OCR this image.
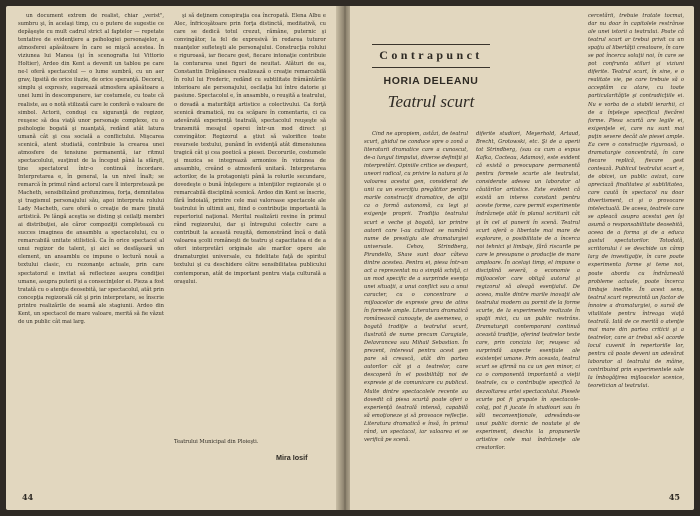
un document extrem de realist, chiar „verist", sumbru şi, în acelaşi timp, cu o putere de sugestie ce depăşeşte cu mult cadrul strict al faptelor — repetate tentative de evidenţiere a psihologiei personajelor, a atmosferei apăsătoare în care se mişcă acestea. În viziunea lui Manea (şi în scenografia lui Vittorio Holtier), Ardeo din Kent a devenit un tablou pe care ne-l oferă spectacolul — o lume sumbră, cu un aer grav, lipsită de orice iluzie, de orice speranţă. Decorul, simplu şi expresiv, sugerează atmosfera apăsătoare a unei lumi în descompunere, iar costumele, cu toate că realiste, au o notă stilizată care le conferă o valoare de simbol. Actorii, conduşi cu siguranţă de regizor, reuşesc să dea viaţă unor personaje complexe, cu o psihologie bogată şi nuanţată, redând atât latura umană cât şi cea socială a conflictului. Mişcarea scenică, atent studiată, contribuie la crearea unei atmosfere de tensiune permanentă, iar ritmul spectacolului, susţinut de la început până la sfârşit, ţine spectatorul într-o continuă încordare. Interpretarea e, în general, la un nivel înalt; se remarcă în primul rând actorul care îl interpretează pe Macheth, sensibilizând profunzimea, forţa, demnitatea şi tragismul personajului său, apoi interpreta rolului Lady Macheth, care oferă o creaţie de mare ţinută artistică. Pe lângă aceştia se disting şi ceilalţi membri ai distribuţiei, ale căror compoziţii completează cu succes imaginea de ansamblu a spectacolului, cu o remarcabilă unitate stilistică. Ca în orice spectacol al unui regizor de talent, şi aici se desfăşoară un element, un ansamblu ce impune o lectură nouă a textului clasic, cu rezonanţe actuale, prin care spectatorul e invitat să reflecteze asupra condiţiei umane, asupra puterii şi a consecinţelor ei. Pieza a fost tratată cu o atenţie deosebită, iar spectacolul, atât prin concepţia regizorală cât şi prin interpretare, se înscrie printre realizările de seamă ale stagiunii. Ardeo din Kent, un spectacol de mare valoare, merită să fie văzut de un public cât mai larg.

şi să deţinem conspiraţia cea încropată. Elena Albu e Alec, înfricoşătoare prin forţa distinctă, meditativă, cu care se dedică totul crezut, rămâne, puternic şi convingător, la fel de expresivă în redarea tuturor nuanţelor sufleteşti ale personajului. Construcţia rolului e riguroasă, iar fiecare gest, fiecare intonaţie contribuie la conturarea unei figuri de neuitat. Alături de ea, Constantin Drăgănescu realizează o creaţie remarcabilă în rolul lui Frederic, redând cu subtilitate frământările interioare ale personajului, oscilaţia lui între datorie şi pasiune. Spectacolul e, în ansamblu, o reuşită a teatrului, o dovadă a maturităţii artistice a colectivului. Ca forţă scenică dramatică, nu ca scăpare în comentariu, ci ca adevărată experienţă teatrală, spectacolul reuşeşte să transmită mesajul operei într-un mod direct şi convingător. Regizorul a ştiut să valorifice toate resursele textului, punând în evidenţă atât dimensiunea tragică cât şi cea poetică a piesei. Decorurile, costumele şi muzica se integrează armonios în viziunea de ansamblu, creând o atmosferă unitară. Interpretarea actorilor, de la protagonişti până la rolurile secundare, dovedeşte o bună înţelegere a intenţiilor regizorale şi o remarcabilă disciplină scenică. Ardeo din Kent se înscrie, fără îndoială, printre cele mai valoroase spectacole ale teatrului în ultimii ani, fiind o contribuţie importantă la repertoriul naţional. Meritul realizării revine în primul rând regizorului, dar şi întregului colectiv care a contribuit la această reuşită, demonstrând încă o dată valoarea şcolii româneşti de teatru şi capacitatea ei de a oferi interpretări originale ale marilor opere ale dramaturgiei universale, cu fidelitate faţă de spiritul textului şi cu deschidere către sensibilitatea publicului contemporan, atât de important pentru viaţa culturală a oraşului.

Teatrului Municipal din Ploieşti.

Mira Iosif
44
Contrapunct
HORIA DELEANU
Teatrul scurt

Cind ne apropiem, astăzi, de teatrul scurt, ghidul ne conduce spre o zonă a literaturii dramatice care a cunoscut, de-a lungul timpului, diverse definiţii şi interpretări. Opiniile critice se despart, uneori radical, cu privire la natura şi la valoarea acestui gen, considerat de unii ca un exerciţiu pregătitor pentru marile construcţii dramatice, de alţii ca o formă autonomă, cu legi şi exigenţe proprii. Tradiţia teatrului scurt e veche şi bogată, iar printre autorii care l-au cultivat se numără nume de prestigiu ale dramaturgiei universale. Cehov, Strindberg, Pirandello, Shaw sunt doar câteva dintre acestea. Pentru ei, piesa într-un act a reprezentat nu o simplă schiţă, ci un mod specific de a surprinde esenţa unei situaţii, a unui conflict sau a unui caracter, cu o concentrare a mijloacelor de expresie greu de atins în formele ample. Literatura dramatică românească cunoaşte, de asemenea, o bogată tradiţie a teatrului scurt, ilustrată de nume precum Caragiale, Delavrancea sau Mihail Sebastian. În prezent, interesul pentru acest gen pare să crească, atât din partea autorilor cât şi a teatrelor, care descoperă în el posibilităţi noi de expresie şi de comunicare cu publicul. Multe dintre spectacolele recente au dovedit că piesa scurtă poate oferi o experienţă teatrală intensă, capabilă să emoţioneze şi să provoace reflecţie. Literatura dramatică e însă, în primul rând, un spectacol, iar valoarea ei se verifică pe scenă.

diferite studiori, Meyerhold, Artaud, Brecht, Grotowski, etc. Şi de a aperii tot Strindberg, (sau ca cum a expus Kafka, Cocteau, Adamov), este evident că există o preocupare permanentă pentru formele scurte ale teatrului, considerate adesea un laborator al căutărilor artistice. Este evident că există un interes constant pentru aceste forme, care permit experimente îndrăzneţe atât în planul scriiturii cât şi în cel al punerii în scenă. Teatrul scurt oferă o libertate mai mare de explorare, o posibilitate de a încerca noi tehnici şi limbaje, fără riscurile pe care le presupune o producţie de mare amploare. În acelaşi timp, el impune o disciplină severă, o economie a mijloacelor care obligă autorul şi regizorul să aleagă esenţialul. De aceea, multe dintre marile inovaţii ale teatrului modern au pornit de la forme scurte, de la experimente realizate în spaţii mici, cu un public restrâns. Dramaturgii contemporani continuă această tradiţie, oferind teatrelor texte care, prin concizia lor, reuşesc să surprindă aspecte esenţiale ale existenţei umane. Prin aceasta, teatrul scurt se afirmă nu ca un gen minor, ci ca o componentă importantă a vieţii teatrale, cu o contribuţie specifică la dezvoltarea artei spectacolului. Piesele scurte pot fi grupate în spectacole-colaj, pot fi jucate în studiouri sau în săli neconvenţionale, adresându-se unui public dornic de noutate şi de experiment, deschis la propunerile artistice cele mai îndrăzneţe ale creatorilor.

cercetării, trebuie tratate tocmai, dar nu doar în capitolele restrânse ale unei istorii a teatrului. Poate că teatrul scurt ar trebui privit ca un spaţiu al libertăţii creatoare, în care se pot încerca soluţii noi, în care se pot confrunta stiluri şi viziuni diferite. Teatrul scurt, în sine, e o realitate vie, pe care trebuie să o acceptăm ca atare, cu toate particularităţile şi contradicţiile ei. Nu e vorba de a stabili ierarhii, ci de a înţelege specificul fiecărei forme. Piesa scurtă are legile ei, exigenţele ei, care nu sunt mai puţin severe decât ale piesei ample. Ea cere o construcţie riguroasă, o dramaturgie concentrată, în care fiecare replică, fiecare gest contează. Publicul teatrului scurt e, de obicei, un public avizat, care apreciază finalitatea şi subtilitatea, care caută în spectacol nu doar divertisment, ci şi o provocare intelectuală. De aceea, teatrele care se apleacă asupra acestui gen îşi asumă o responsabilitate deosebită, aceea de a forma şi de a educa gustul spectatorilor. Totodată, scriitorului i se deschide un câmp larg de investigaţie, în care poate experimenta forme şi teme noi, poate aborda cu îndrăzneală probleme actuale, poate încerca limbaje inedite. În acest sens, teatrul scurt reprezintă un factor de înnoire a dramaturgiei, o sursă de vitalitate pentru întreaga viaţă teatrală. Iată de ce merită o atenţie mai mare din partea criticii şi a teatrelor, care ar trebui să-i acorde locul cuvenit în repertoriile lor, pentru că poate deveni un adevărat laborator al teatrului de mâine, contribuind prin experimentele sale la îmbogăţirea mijloacelor scenice, teoretician al teatrului.

45
